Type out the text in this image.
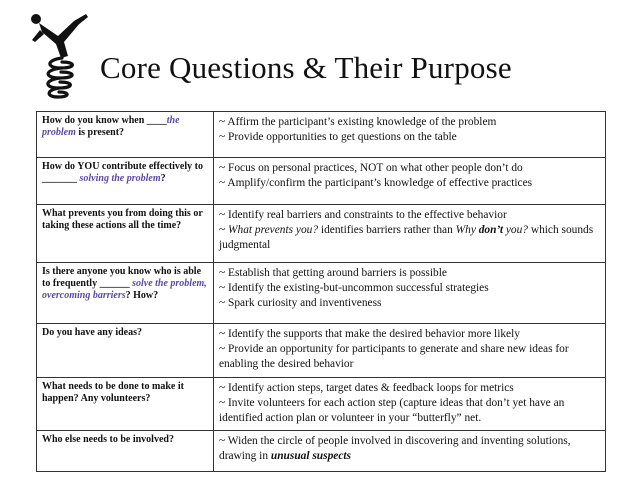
Core Questions & Their Purpose
How do you know when ____the problem is present?	~ Affirm the participant’s existing knowledge of the problem
~ Provide opportunities to get questions on the table

How do YOU contribute effectively to _______ solving the problem?	~ Focus on personal practices, NOT on what other people don’t do
~ Amplify/confirm the participant’s knowledge of effective practices

What prevents you from doing this or taking these actions all the time?	~ Identify real barriers and constraints to the effective behavior
~ What prevents you? identifies barriers rather than Why don’t you? which sounds judgmental

Is there anyone you know who is able to frequently ______ solve the problem, overcoming barriers? How?	~ Establish that getting around barriers is possible
~ Identify the existing-but-uncommon successful strategies
~ Spark curiosity and inventiveness

Do you have any ideas?	~ Identify the supports that make the desired behavior more likely
~ Provide an opportunity for participants to generate and share new ideas for enabling the desired behavior

What needs to be done to make it happen? Any volunteers?	~ Identify action steps, target dates & feedback loops for metrics
~ Invite volunteers for each action step (capture ideas that don’t yet have an identified action plan or volunteer in your “butterfly” net.

Who else needs to be involved?	~ Widen the circle of people involved in discovering and inventing solutions, drawing in unusual suspects
